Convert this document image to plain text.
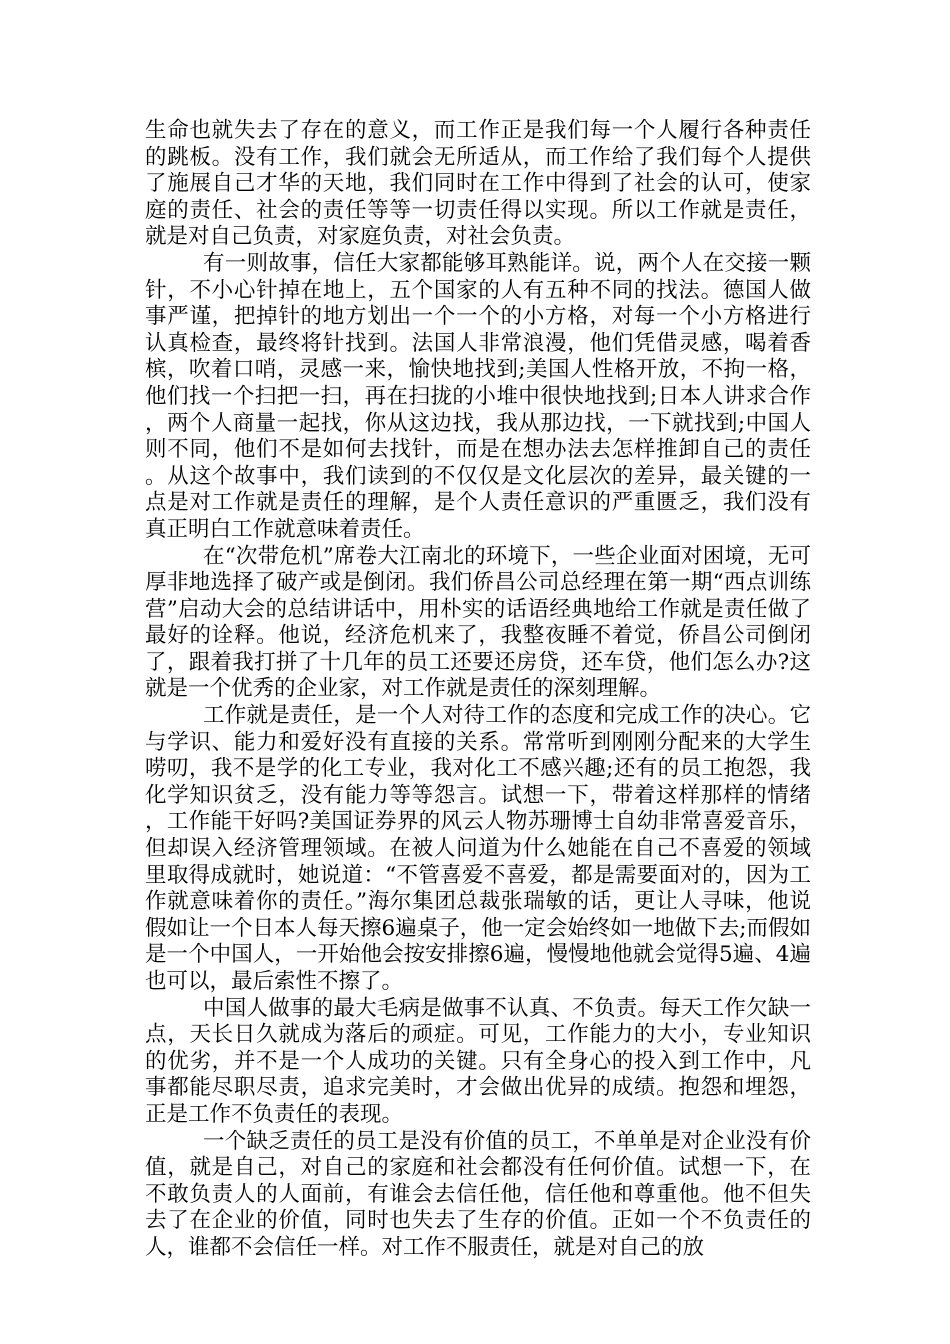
生命也就失去了存在的意义，而工作正是我们每一个人履行各种责任的跳板。没有工作，我们就会无所适从，而工作给了我们每个人提供了施展自己才华的天地，我们同时在工作中得到了社会的认可，使家庭的责任、社会的责任等等一切责任得以实现。所以工作就是责任，就是对自己负责，对家庭负责，对社会负责。

有一则故事，信任大家都能够耳熟能详。说，两个人在交接一颗针，不小心针掉在地上，五个国家的人有五种不同的找法。德国人做事严谨，把掉针的地方划出一个一个的小方格，对每一个小方格进行认真检查，最终将针找到。法国人非常浪漫，他们凭借灵感，喝着香槟，吹着口哨，灵感一来，愉快地找到;美国人性格开放，不拘一格，他们找一个扫把一扫，再在扫拢的小堆中很快地找到;日本人讲求合作，两个人商量一起找，你从这边找，我从那边找，一下就找到;中国人则不同，他们不是如何去找针，而是在想办法去怎样推卸自己的责任。从这个故事中，我们读到的不仅仅是文化层次的差异，最关键的一点是对工作就是责任的理解，是个人责任意识的严重匮乏，我们没有真正明白工作就意味着责任。

在“次带危机”席卷大江南北的环境下，一些企业面对困境，无可厚非地选择了破产或是倒闭。我们侨昌公司总经理在第一期“西点训练营”启动大会的总结讲话中，用朴实的话语经典地给工作就是责任做了最好的诠释。他说，经济危机来了，我整夜睡不着觉，侨昌公司倒闭了，跟着我打拼了十几年的员工还要还房贷，还车贷，他们怎么办?这就是一个优秀的企业家，对工作就是责任的深刻理解。

工作就是责任，是一个人对待工作的态度和完成工作的决心。它与学识、能力和爱好没有直接的关系。常常听到刚刚分配来的大学生唠叨，我不是学的化工专业，我对化工不感兴趣;还有的员工抱怨，我化学知识贫乏，没有能力等等怨言。试想一下，带着这样那样的情绪，工作能干好吗?美国证券界的风云人物苏珊博士自幼非常喜爱音乐，但却误入经济管理领域。在被人问道为什么她能在自己不喜爱的领域里取得成就时，她说道：“不管喜爱不喜爱，都是需要面对的，因为工作就意味着你的责任。”海尔集团总裁张瑞敏的话，更让人寻味，他说假如让一个日本人每天擦6遍桌子，他一定会始终如一地做下去;而假如是一个中国人，一开始他会按安排擦6遍，慢慢地他就会觉得5遍、4遍也可以，最后索性不擦了。

中国人做事的最大毛病是做事不认真、不负责。每天工作欠缺一点，天长日久就成为落后的顽症。可见，工作能力的大小，专业知识的优劣，并不是一个人成功的关键。只有全身心的投入到工作中，凡事都能尽职尽责，追求完美时，才会做出优异的成绩。抱怨和埋怨，正是工作不负责任的表现。

一个缺乏责任的员工是没有价值的员工，不单单是对企业没有价值，就是自己，对自己的家庭和社会都没有任何价值。试想一下，在不敢负责人的人面前，有谁会去信任他，信任他和尊重他。他不但失去了在企业的价值，同时也失去了生存的价值。正如一个不负责任的人，谁都不会信任一样。对工作不服责任，就是对自己的放
